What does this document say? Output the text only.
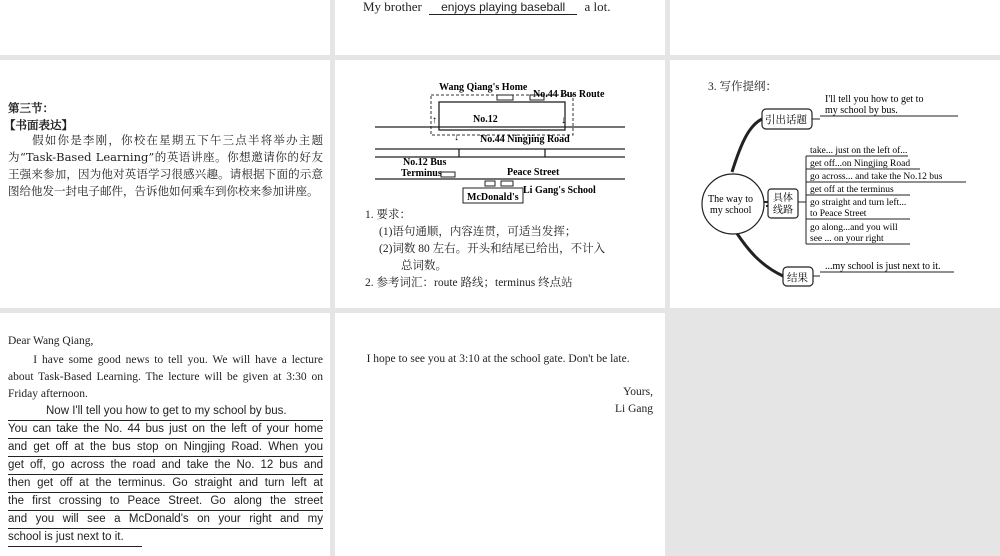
My brother enjoys playing baseball a lot.

第三节：

【书面表达】

假如你是李刚，你校在星期五下午三点半将举办主题为“Task-Based Learning”的英语讲座。你想邀请你的好友王强来参加，因为他对英语学习很感兴趣。请根据下面的示意图给他发一封电子邮件，告诉他如何乘车到你校来参加讲座。

↑	↓
↓
Wang Qiang's Home
No.44 Bus Route
No.12
No.44 Ningjing Road
No.12 Bus
Terminus	Peace Street
McDonald's
Li Gang's School

1. 要求：

(1)语句通顺，内容连贯，可适当发挥；

(2)词数 80 左右。开头和结尾已给出，不计入

总词数。

2. 参考词汇：route 路线；terminus 终点站

3. 写作提纲：

The way to
my school
引出话题
I'll tell you how to get to
my school by bus.
具体
线路
take... just on the left of...
get off...on Ningjing Road
go across... and take the No.12 bus
get off at the terminus
go straight and turn left...
to Peace Street
go along...and you will
see ... on your right
结果
...my school is just next to it.

Dear Wang Qiang,

I have some good news to tell you. We will have a lecture about Task-Based Learning. The lecture will be given at 3:30 on Friday afternoon.

Now I'll tell you how to get to my school by bus.
You can take the No. 44 bus just on the left of your home
and get off at the bus stop on Ningjing Road. When you
get off, go across the road and take the No. 12 bus and
then get off at the terminus. Go straight and turn left at
the first crossing to Peace Street. Go along the street
and you will see a McDonald's on your right and my
school is just next to it.

I hope to see you at 3:10 at the school gate. Don't be late.

Yours,

Li Gang
